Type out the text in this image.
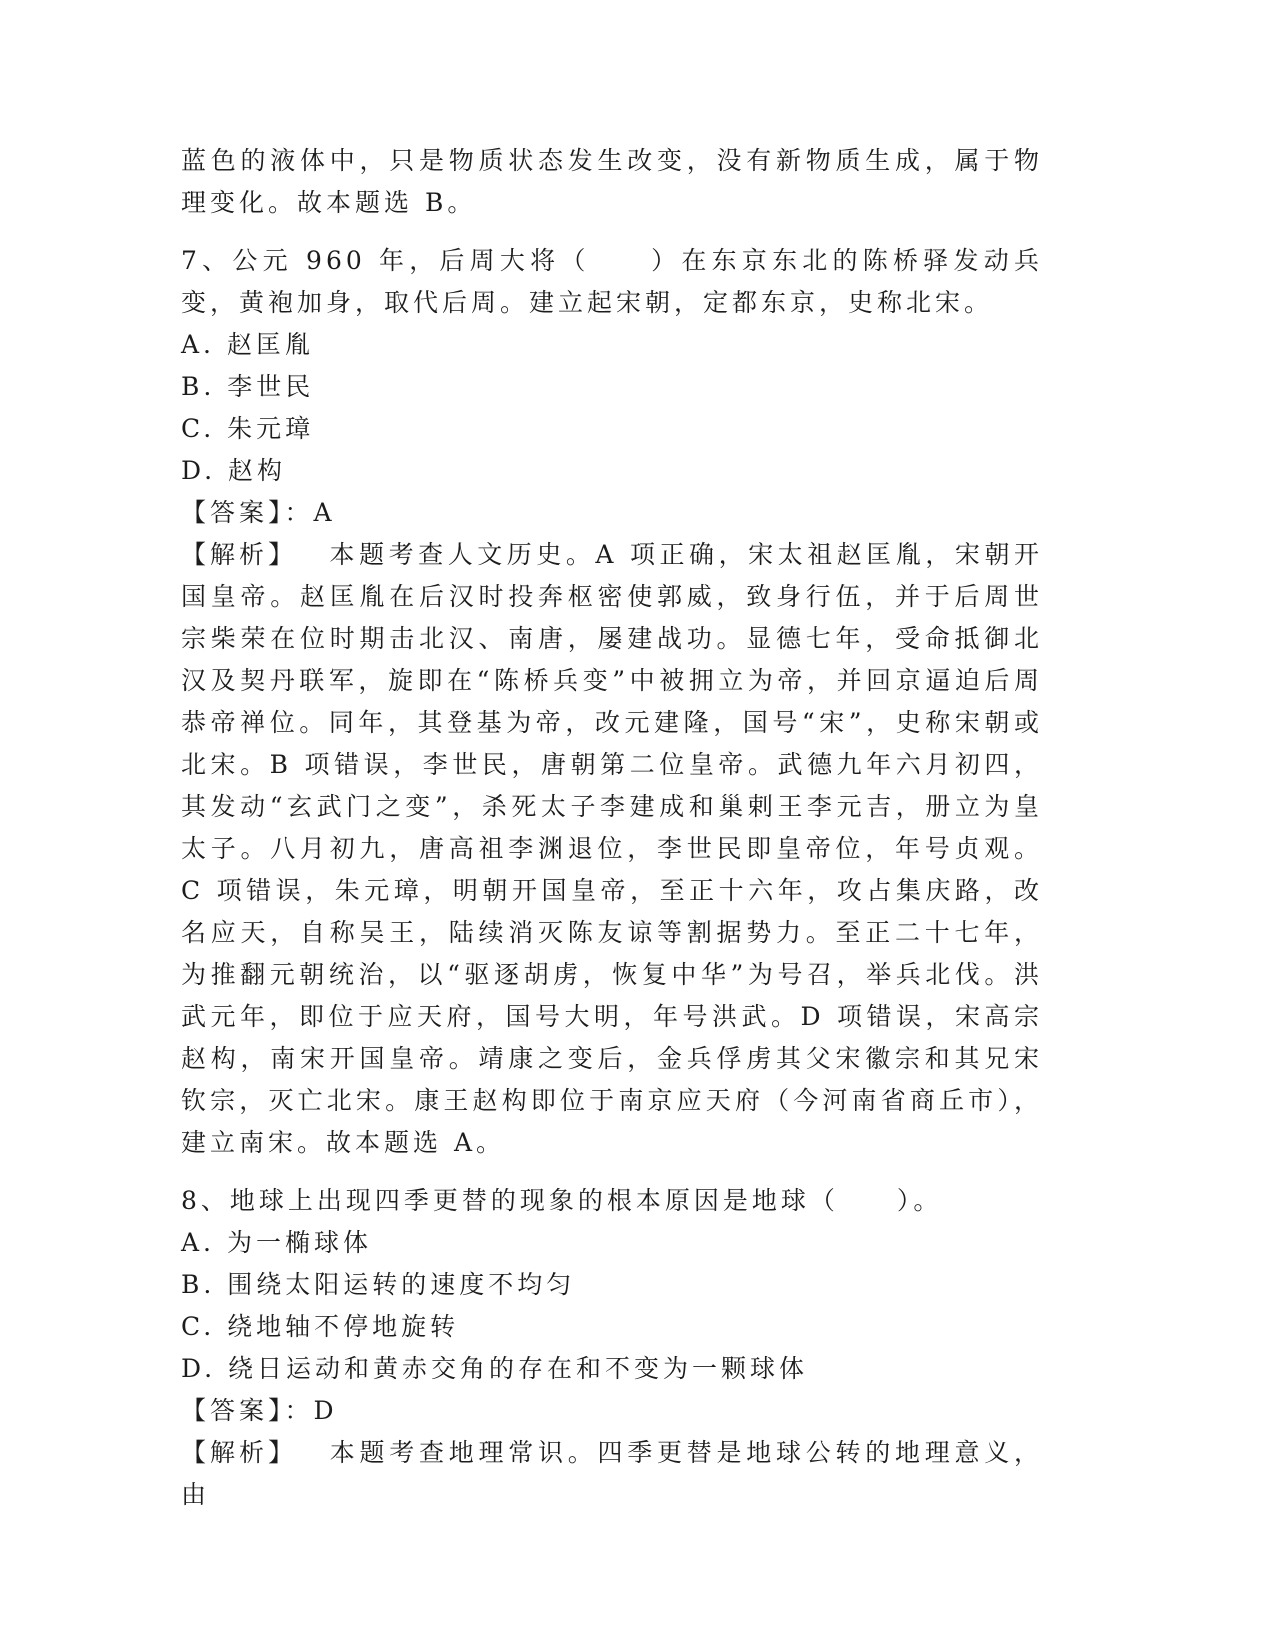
蓝色的液体中，只是物质状态发生改变，没有新物质生成，属于物理变化。故本题选 B。

7、公元 960 年，后周大将（　　）在东京东北的陈桥驿发动兵变，黄袍加身，取代后周。建立起宋朝，定都东京，史称北宋。

A. 赵匡胤

B. 李世民

C. 朱元璋

D. 赵构

【答案】：A

【解析】 本题考查人文历史。A 项正确，宋太祖赵匡胤，宋朝开国皇帝。赵匡胤在后汉时投奔枢密使郭威，致身行伍，并于后周世宗柴荣在位时期击北汉、南唐，屡建战功。显德七年，受命抵御北汉及契丹联军，旋即在“陈桥兵变”中被拥立为帝，并回京逼迫后周恭帝禅位。同年，其登基为帝，改元建隆，国号“宋”，史称宋朝或北宋。B 项错误，李世民，唐朝第二位皇帝。武德九年六月初四，其发动“玄武门之变”，杀死太子李建成和巢剌王李元吉，册立为皇太子。八月初九，唐高祖李渊退位，李世民即皇帝位，年号贞观。C 项错误，朱元璋，明朝开国皇帝，至正十六年，攻占集庆路，改名应天，自称吴王，陆续消灭陈友谅等割据势力。至正二十七年，为推翻元朝统治，以“驱逐胡虏，恢复中华”为号召，举兵北伐。洪武元年，即位于应天府，国号大明，年号洪武。D 项错误，宋高宗赵构，南宋开国皇帝。靖康之变后，金兵俘虏其父宋徽宗和其兄宋钦宗，灭亡北宋。康王赵构即位于南京应天府（今河南省商丘市），建立南宋。故本题选 A。

8、地球上出现四季更替的现象的根本原因是地球（　　）。

A. 为一椭球体

B. 围绕太阳运转的速度不均匀

C. 绕地轴不停地旋转

D. 绕日运动和黄赤交角的存在和不变为一颗球体

【答案】：D

【解析】 本题考查地理常识。四季更替是地球公转的地理意义，由
